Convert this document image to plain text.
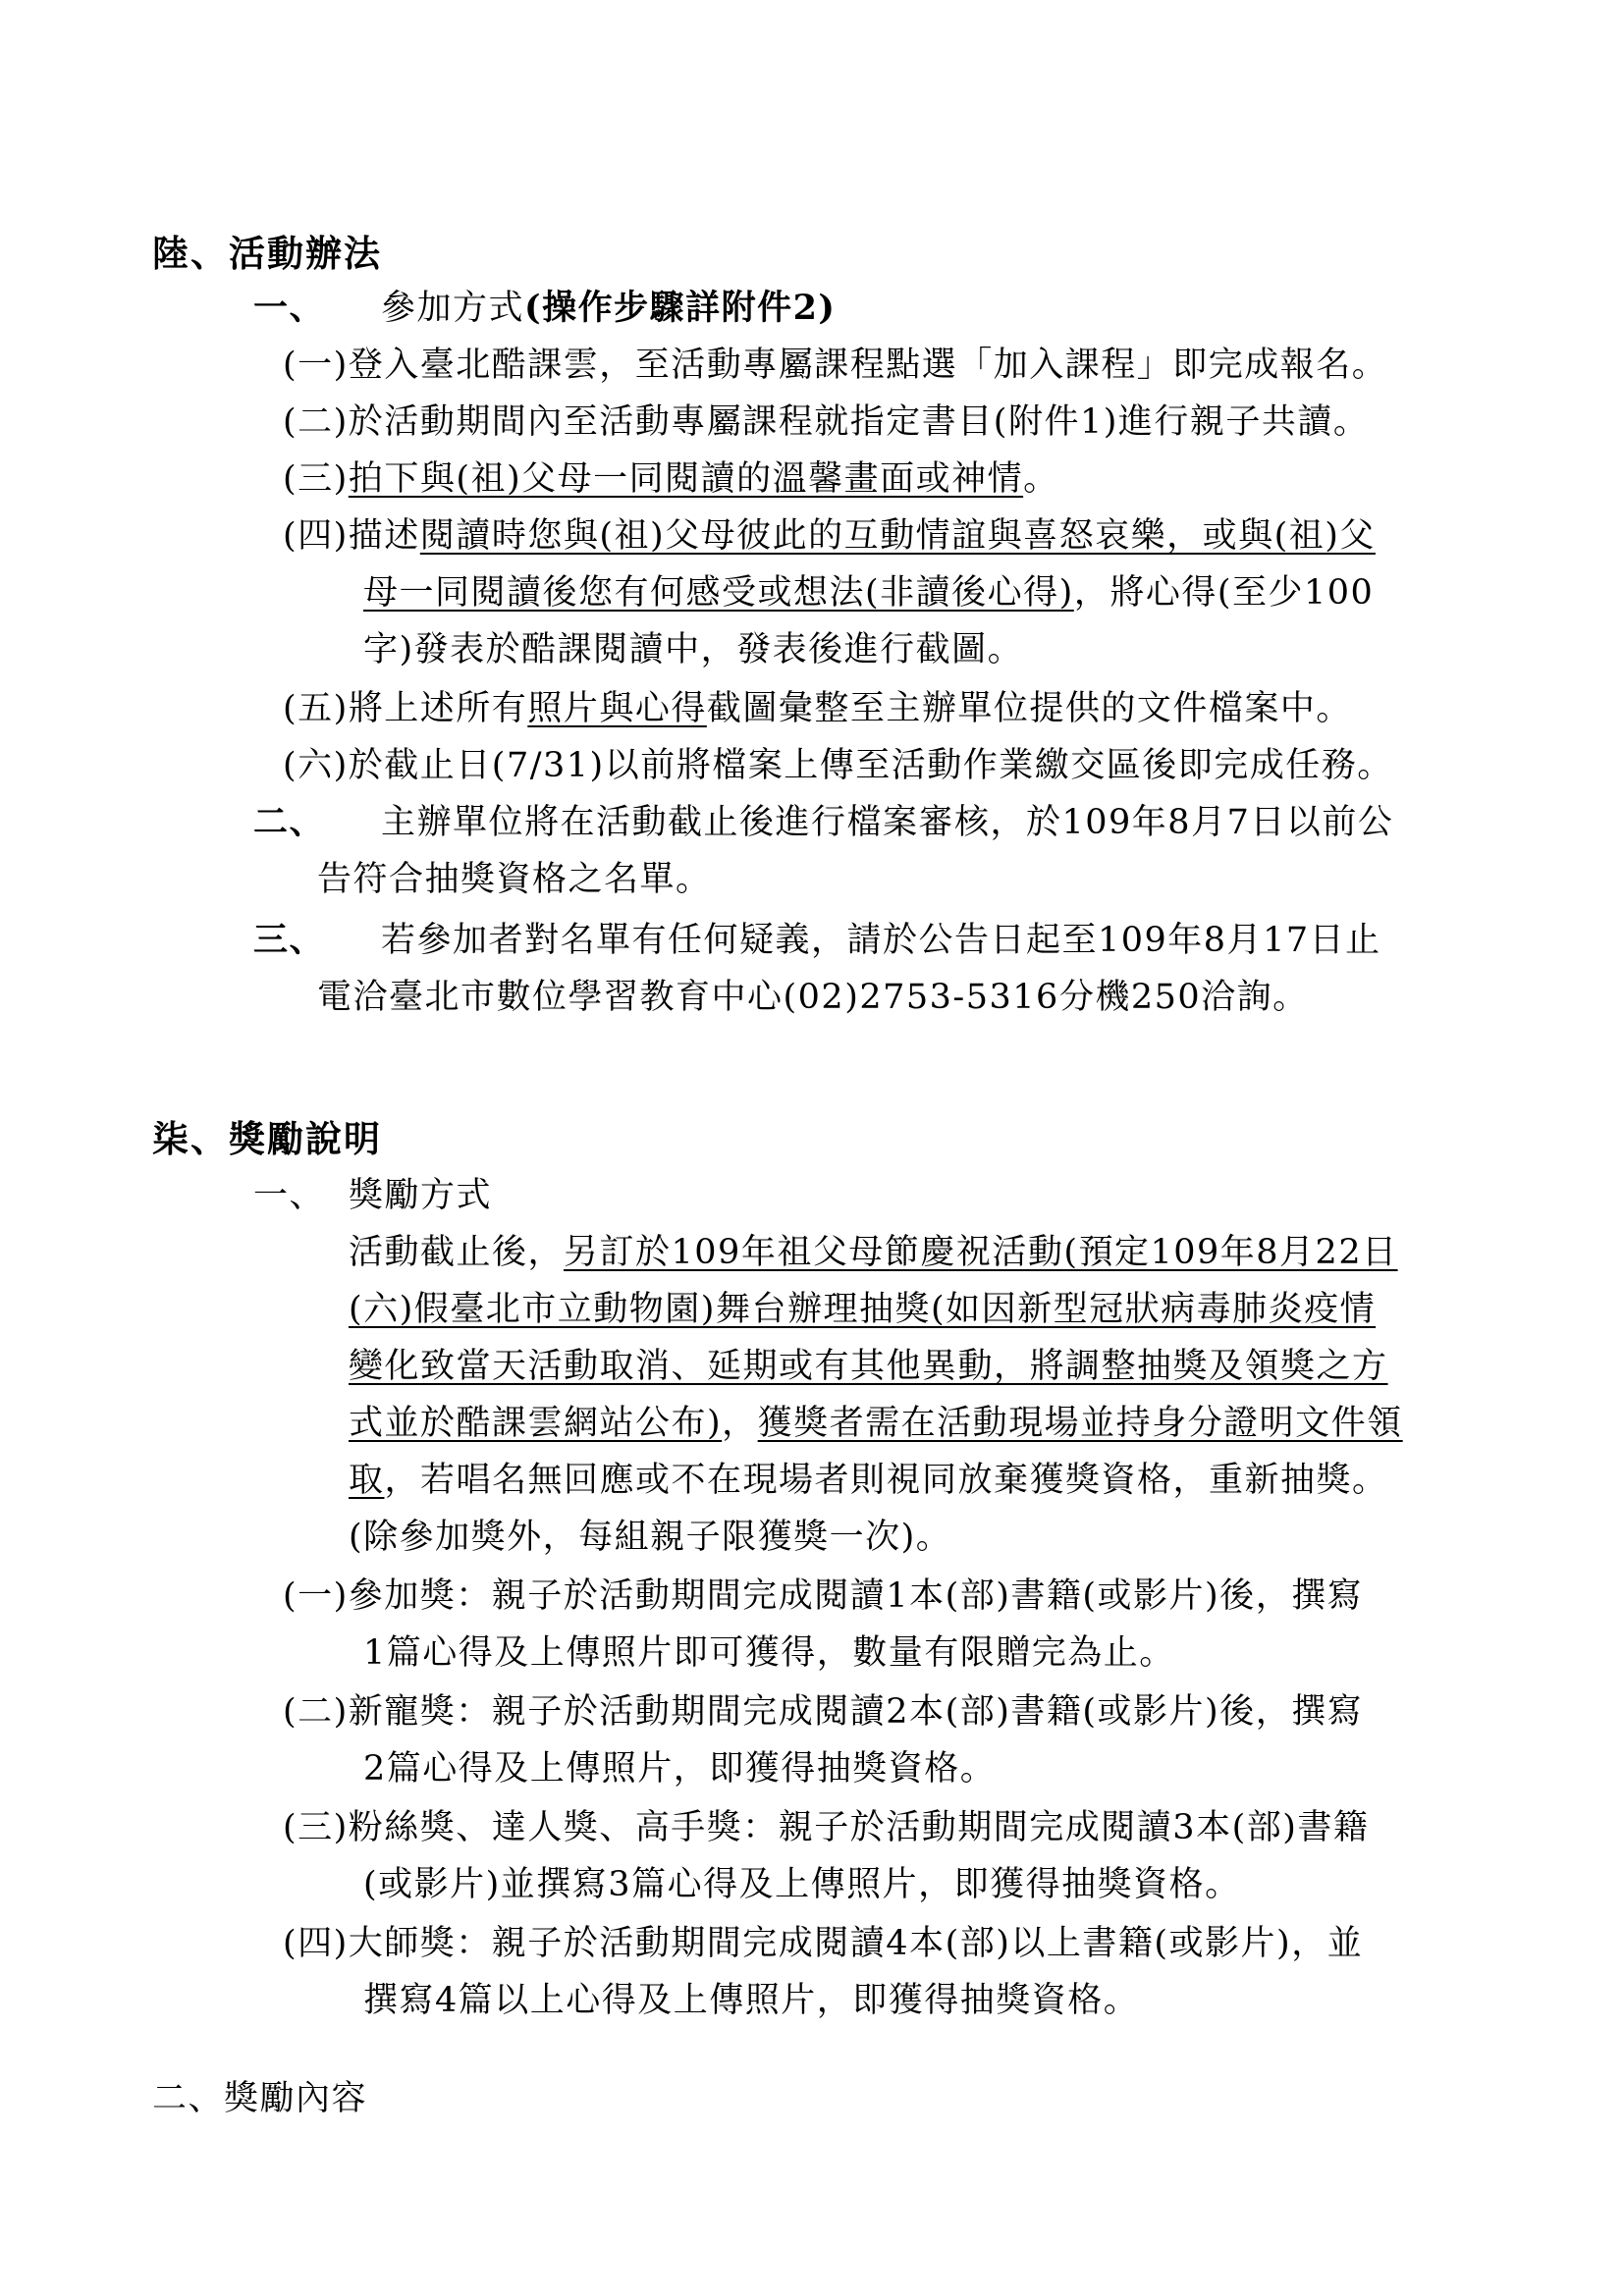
陸、活動辦法
一、 參加方式(操作步驟詳附件2)
(一)登入臺北酷課雲，至活動專屬課程點選「加入課程」即完成報名。
(二)於活動期間內至活動專屬課程就指定書目(附件1)進行親子共讀。
(三)拍下與(祖)父母一同閱讀的溫馨畫面或神情。
(四)描述閱讀時您與(祖)父母彼此的互動情誼與喜怒哀樂，或與(祖)父
母一同閱讀後您有何感受或想法(非讀後心得)，將心得(至少100
字)發表於酷課閱讀中，發表後進行截圖。
(五)將上述所有照片與心得截圖彙整至主辦單位提供的文件檔案中。
(六)於截止日(7/31)以前將檔案上傳至活動作業繳交區後即完成任務。
二、 主辦單位將在活動截止後進行檔案審核，於109年8月7日以前公
告符合抽獎資格之名單。
三、 若參加者對名單有任何疑義，請於公告日起至109年8月17日止
電洽臺北市數位學習教育中心(02)2753-5316分機250洽詢。
柒、獎勵說明
一、 獎勵方式
活動截止後，另訂於109年祖父母節慶祝活動(預定109年8月22日
(六)假臺北市立動物園)舞台辦理抽獎(如因新型冠狀病毒肺炎疫情
變化致當天活動取消、延期或有其他異動，將調整抽獎及領獎之方
式並於酷課雲網站公布)，獲獎者需在活動現場並持身分證明文件領
取，若唱名無回應或不在現場者則視同放棄獲獎資格，重新抽獎。
(除參加獎外，每組親子限獲獎一次)。
(一)參加獎：親子於活動期間完成閱讀1本(部)書籍(或影片)後，撰寫
1篇心得及上傳照片即可獲得，數量有限贈完為止。
(二)新寵獎：親子於活動期間完成閱讀2本(部)書籍(或影片)後，撰寫
2篇心得及上傳照片，即獲得抽獎資格。
(三)粉絲獎、達人獎、高手獎：親子於活動期間完成閱讀3本(部)書籍
(或影片)並撰寫3篇心得及上傳照片，即獲得抽獎資格。
(四)大師獎：親子於活動期間完成閱讀4本(部)以上書籍(或影片)，並
撰寫4篇以上心得及上傳照片，即獲得抽獎資格。
二、獎勵內容
